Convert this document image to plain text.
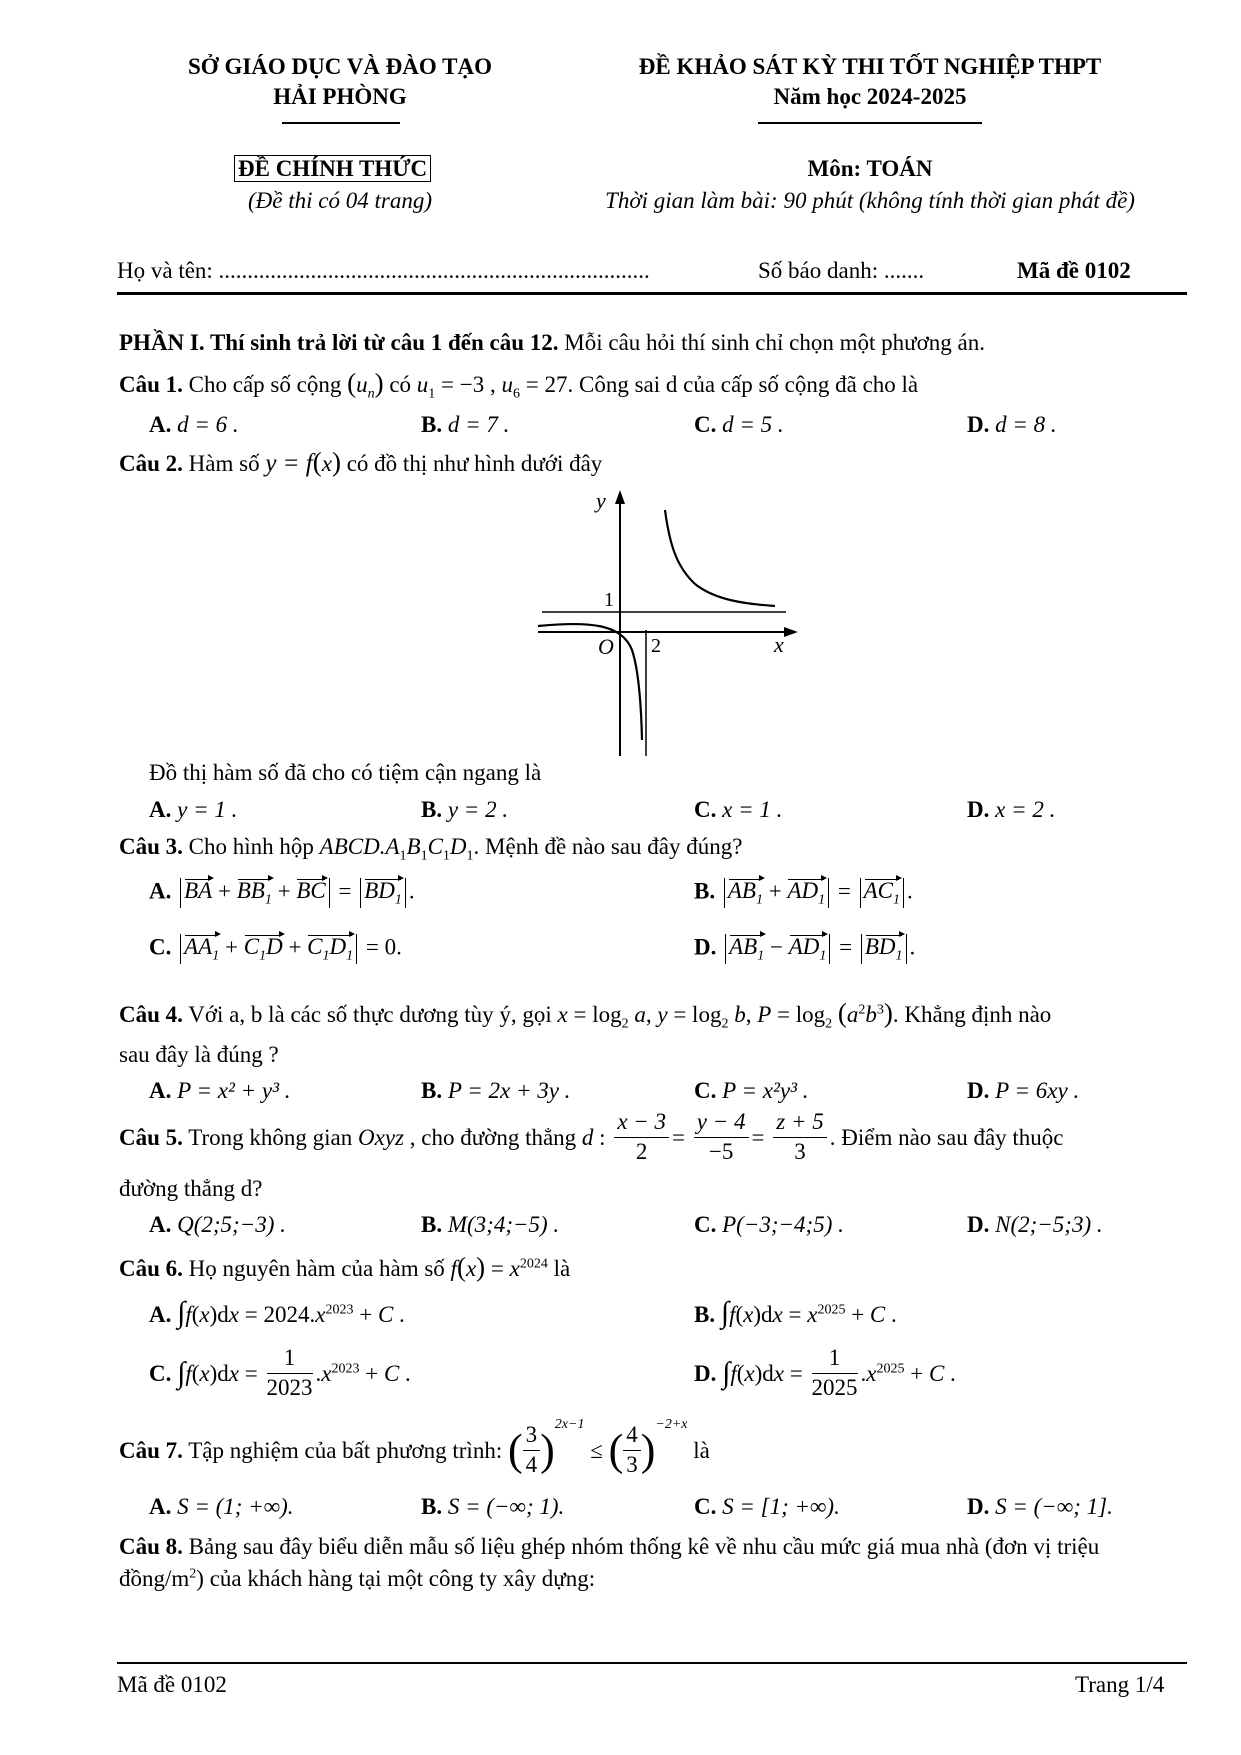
SỞ GIÁO DỤC VÀ ĐÀO TẠO
HẢI PHÒNG
ĐỀ KHẢO SÁT KỲ THI TỐT NGHIỆP THPT
Năm học 2024-2025
ĐỀ CHÍNH THỨC
(Đề thi có 04 trang)
Môn: TOÁN
Thời gian làm bài: 90 phút (không tính thời gian phát đề)
Họ và tên: ...........................................................................	Số báo danh: .......	Mã đề 0102
PHẦN I. Thí sinh trả lời từ câu 1 đến câu 12. Mỗi câu hỏi thí sinh chỉ chọn một phương án.
Câu 1. Cho cấp số cộng $(u_n)$ có $u_1 = -3$ , $u_6 = 27$. Công sai d của cấp số cộng đã cho là
A. d = 6 .	B. d = 7 .	C. d = 5 .	D. d = 8 .
Câu 2. Hàm số y = f(x) có đồ thị như hình dưới đây
y
x
O
1
2
Đồ thị hàm số đã cho có tiệm cận ngang là
A. y = 1 .	B. y = 2 .	C. x = 1 .	D. x = 2 .
Câu 3. Cho hình hộp $ABCD.A_1B_1C_1D_1$. Mệnh đề nào sau đây đúng?
A. BA + $BB_1$ + BC = $BD_1$ .	B. $AB_1 + AD_1 = AC_1$ .
C. $AA_1 + C_1D + C_1D_1 = 0$.	D. $AB_1 - AD_1 = BD_1$ .
Câu 4. Với a, b là các số thực dương tùy ý, gọi $x = \log_2 a$, $y = \log_2 b$, $P = \log_2 (a^2b^3)$. Khẳng định nào
sau đây là đúng ?
A. P = x² + y³ .	B. P = 2x + 3y .	C. P = x²y³ .	D. P = 6xy .
Câu 5. Trong không gian Oxyz , cho đường thẳng d : $\frac{x - 3}{2} = \frac{y - 4}{-5} = \frac{z + 5}{3}$ . Điểm nào sau đây thuộc
đường thẳng d?
A. Q(2;5;−3) .	B. M(3;4;−5) .	C. P(−3;−4;5) .	D. N(2;−5;3) .
Câu 6. Họ nguyên hàm của hàm số $f(x) = x^{2024}$ là
A. $\int f(x)dx = 2024.x^{2023} + C$ .	B. $\int f(x)dx = x^{2025} + C$ .
C. $\int f(x)dx = \frac{1}{2023} .x^{2023} + C$ .	D. $\int f(x)dx = \frac{1}{2025} .x^{2025} + C$ .
Câu 7. Tập nghiệm của bất phương trình: ( $\frac{3}{4} )^{2x-1}$ ≤ ( $\frac{4}{3} )^{-2+x}$ là
A. S = (1; +∞).	B. S = (−∞; 1).	C. S = [1; +∞).	D. S = (−∞; 1].
Câu 8. Bảng sau đây biểu diễn mẫu số liệu ghép nhóm thống kê về nhu cầu mức giá mua nhà (đơn vị triệu
đồng/$m^2$) của khách hàng tại một công ty xây dựng:
Mã đề 0102	Trang 1/4
